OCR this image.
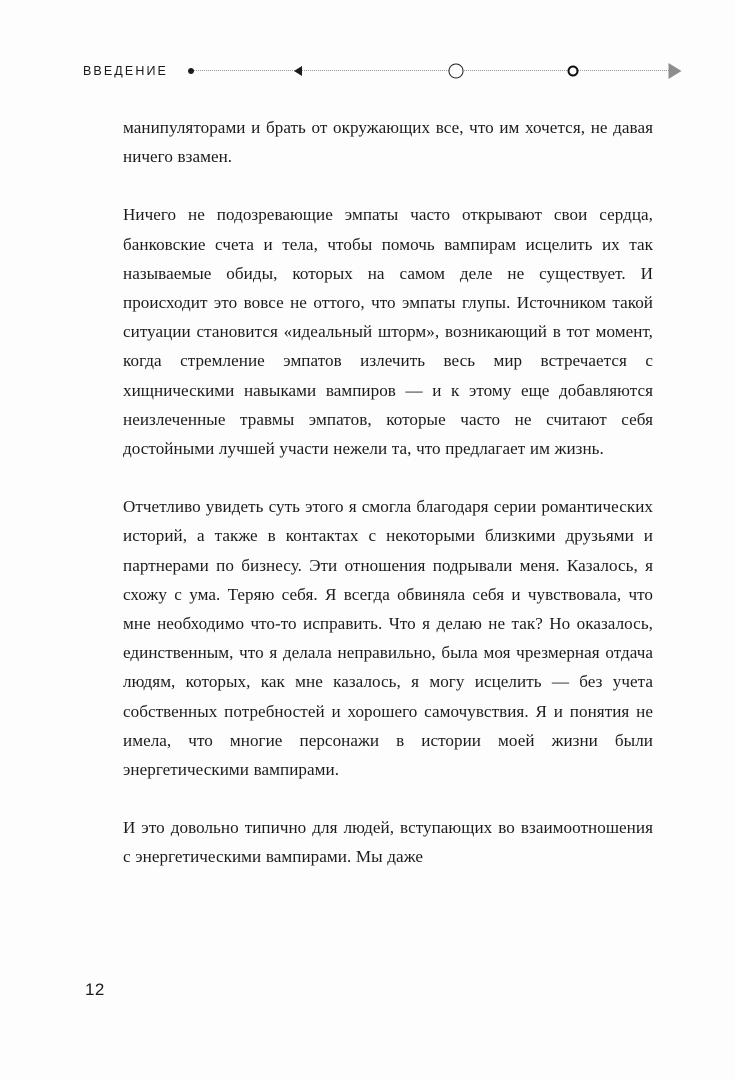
ВВЕДЕНИЕ

манипуляторами и брать от окружающих все, что им хочется, не давая ничего взамен.

Ничего не подозревающие эмпаты часто открывают свои сердца, банковские счета и тела, чтобы помочь вампирам исцелить их так называемые обиды, которых на самом деле не существует. И происходит это вовсе не оттого, что эмпаты глупы. Источником такой ситуации становится «идеальный шторм», возникающий в тот момент, когда стремление эмпатов излечить весь мир встречается с хищническими навыками вампиров — и к этому еще добавляются неизлеченные травмы эмпатов, которые часто не считают себя достойными лучшей участи нежели та, что предлагает им жизнь.

Отчетливо увидеть суть этого я смогла благодаря серии романтических историй, а также в контактах с некоторыми близкими друзьями и партнерами по бизнесу. Эти отношения подрывали меня. Казалось, я схожу с ума. Теряю себя. Я всегда обвиняла себя и чувствовала, что мне необходимо что-то исправить. Что я делаю не так? Но оказалось, единственным, что я делала неправильно, была моя чрезмерная отдача людям, которых, как мне казалось, я могу исцелить — без учета собственных потребностей и хорошего самочувствия. Я и понятия не имела, что многие персонажи в истории моей жизни были энергетическими вампирами.

И это довольно типично для людей, вступающих во взаимоотношения с энергетическими вампирами. Мы даже

12
